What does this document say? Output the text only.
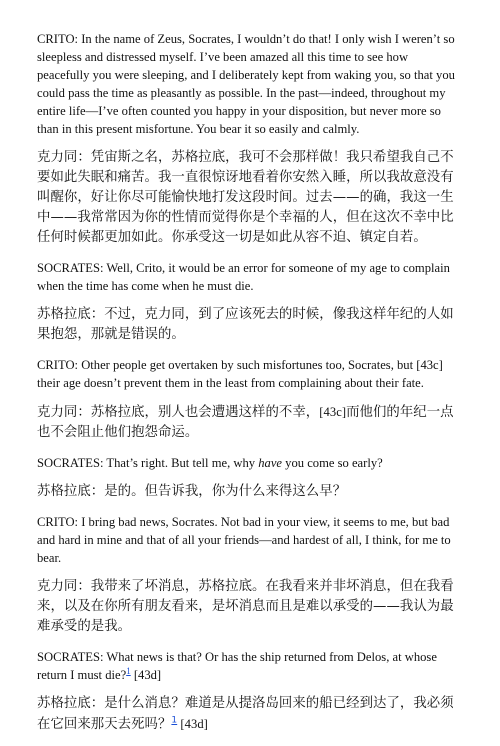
CRITO: In the name of Zeus, Socrates, I wouldn’t do that! I only wish I weren’t so sleepless and distressed myself. I’ve been amazed all this time to see how peacefully you were sleeping, and I deliberately kept from waking you, so that you could pass the time as pleasantly as possible. In the past—indeed, throughout my entire life—I’ve often counted you happy in your disposition, but never more so than in this present misfortune. You bear it so easily and calmly.

克力同：凭宙斯之名，苏格拉底，我可不会那样做！我只希望我自己不要如此失眠和痛苦。我一直很惊讶地看着你安然入睡，所以我故意没有叫醒你，好让你尽可能愉快地打发这段时间。过去——的确，我这一生中——我常常因为你的性情而觉得你是个幸福的人，但在这次不幸中比任何时候都更加如此。你承受这一切是如此从容不迫、镇定自若。

SOCRATES: Well, Crito, it would be an error for someone of my age to complain when the time has come when he must die.

苏格拉底：不过，克力同，到了应该死去的时候，像我这样年纪的人如果抱怨，那就是错误的。

CRITO: Other people get overtaken by such misfortunes too, Socrates, but [43c] their age doesn’t prevent them in the least from complaining about their fate.

克力同：苏格拉底，别人也会遭遇这样的不幸，[43c]而他们的年纪一点也不会阻止他们抱怨命运。

SOCRATES: That’s right. But tell me, why have you come so early?

苏格拉底：是的。但告诉我，你为什么来得这么早？

CRITO: I bring bad news, Socrates. Not bad in your view, it seems to me, but bad and hard in mine and that of all your friends—and hardest of all, I think, for me to bear.

克力同：我带来了坏消息，苏格拉底。在我看来并非坏消息，但在我看来，以及在你所有朋友看来，是坏消息而且是难以承受的——我认为最难承受的是我。

SOCRATES: What news is that? Or has the ship returned from Delos, at whose return I must die?$^1$ [43d]

苏格拉底：是什么消息？难道是从提洛岛回来的船已经到达了，我必须在它回来那天去死吗？$^1$ [43d]
